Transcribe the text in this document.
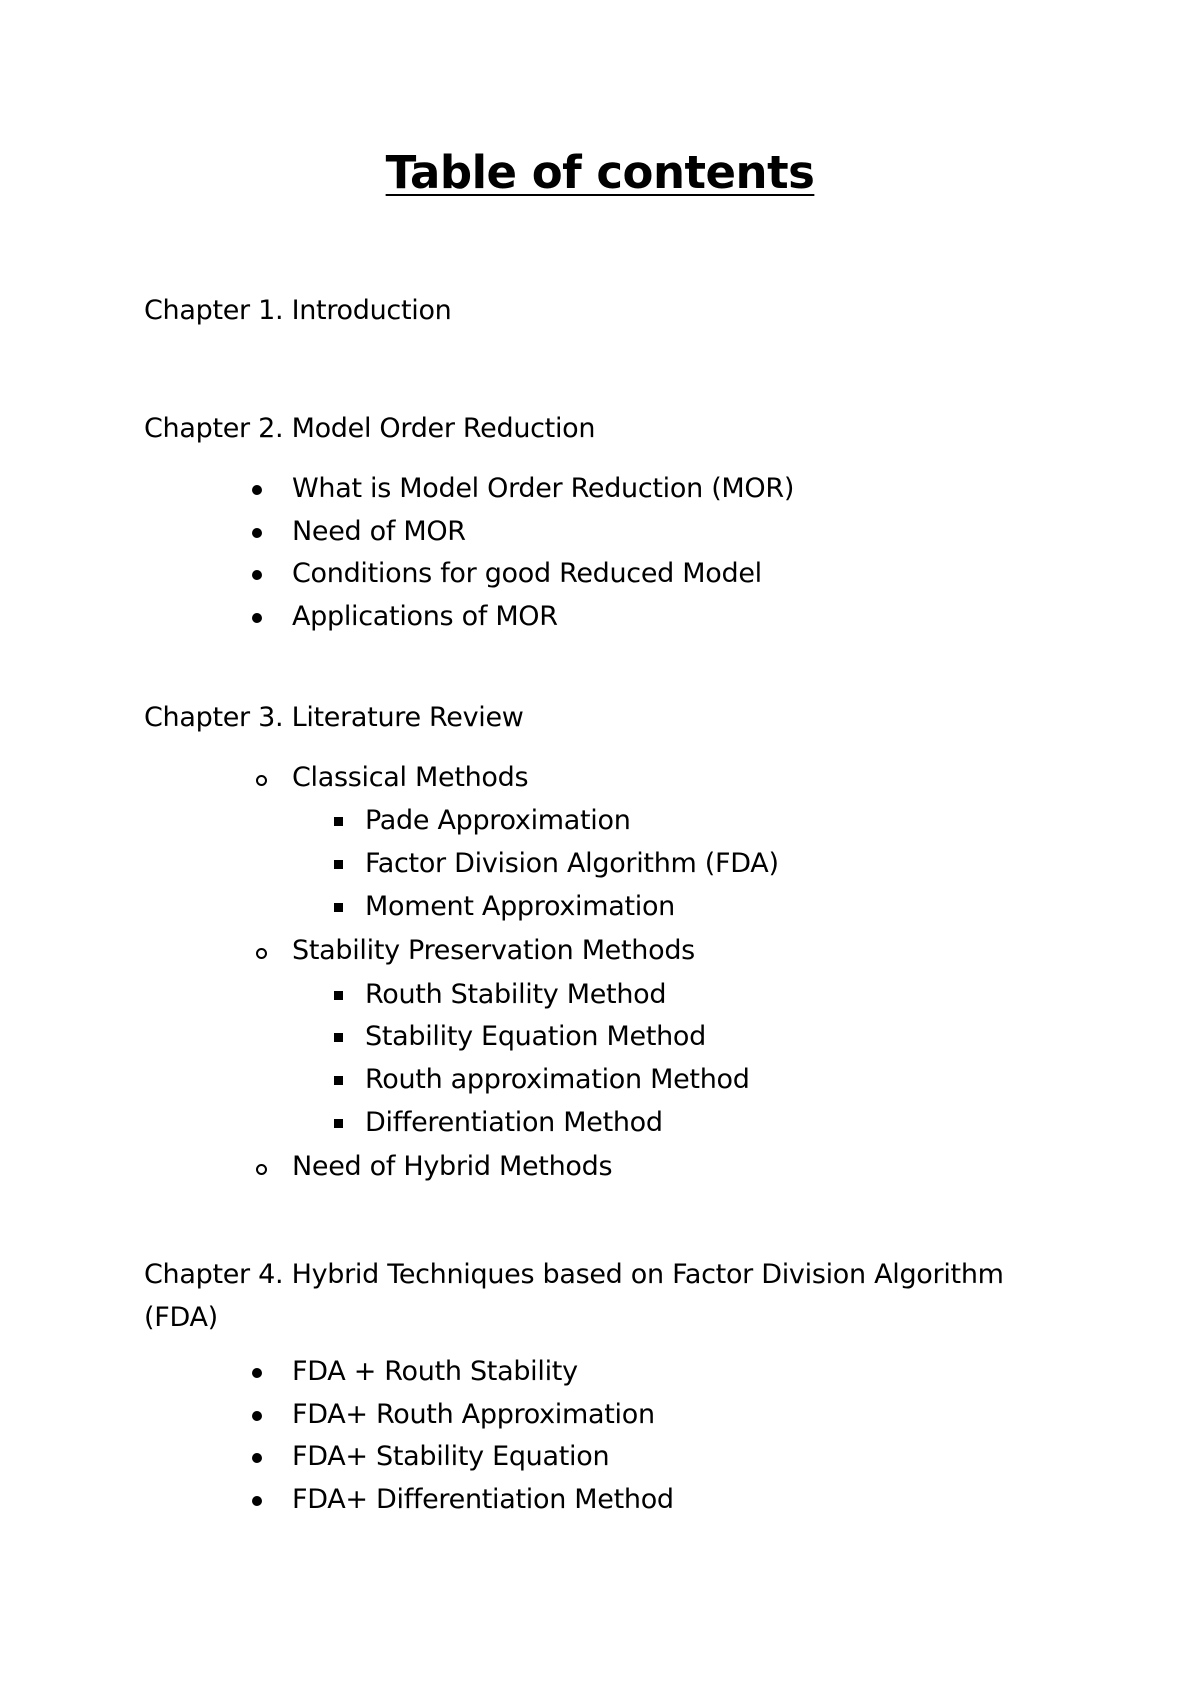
Table of contents
Chapter 1. Introduction
Chapter 2. Model Order Reduction
What is Model Order Reduction (MOR)
Need of MOR
Conditions for good Reduced Model
Applications of MOR
Chapter 3. Literature Review
Classical Methods
Pade Approximation
Factor Division Algorithm (FDA)
Moment Approximation
Stability Preservation Methods
Routh Stability Method
Stability Equation Method
Routh approximation Method
Differentiation Method
Need of Hybrid Methods
Chapter 4. Hybrid Techniques based on Factor Division Algorithm (FDA)
FDA + Routh Stability
FDA+ Routh Approximation
FDA+ Stability Equation
FDA+ Differentiation Method
